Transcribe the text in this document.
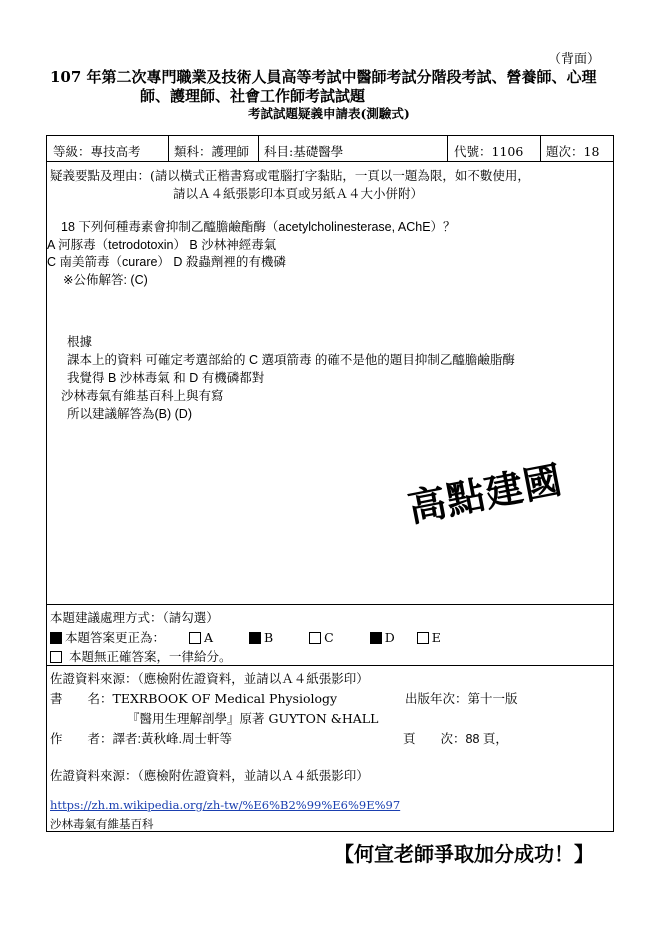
（背面）
107 年第二次專門職業及技術人員高等考試中醫師考試分階段考試、營養師、心理
師、護理師、社會工作師考試試題
考試試題疑義申請表(測驗式)
等級：專技高考	類科：護理師 科目:基礎醫學	代號：1106 題次：18
疑義要點及理由：(請以橫式正楷書寫或電腦打字黏貼，一頁以一題為限，如不數使用，
請以Ａ４紙張影印本頁或另紙Ａ４大小併附）
18 下列何種毒素會抑制乙醯膽鹼酯酶（acetylcholinesterase, AChE）？
A 河豚毒（tetrodotoxin） B 沙林神經毒氣
C 南美箭毒（curare） D 殺蟲劑裡的有機磷
※公佈解答: (C)
根據
課本上的資料 可確定考選部給的 C 選項箭毒 的確不是他的題目抑制乙醯膽鹼脂酶
我覺得 B 沙林毒氣 和 D 有機磷都對
沙林毒氣有維基百科上與有寫
所以建議解答為(B) (D)
本題建議處理方式：（請勾選）
本題答案更正為：	A	B	C	D	E
本題無正確答案，一律給分。
佐證資料來源：（應檢附佐證資料，並請以Ａ４紙張影印）
書　　名：TEXRBOOK OF Medical Physiology	出版年次：第十一版
『醫用生理解剖學』原著 GUYTON &HALL
作　　者：譯者:黃秋峰.周士軒等	頁　　次：88 頁，
佐證資料來源：（應檢附佐證資料，並請以Ａ４紙張影印）
https://zh.m.wikipedia.org/zh-tw/%E6%B2%99%E6%9E%97
沙林毒氣有維基百科
高點建國
【何宣老師爭取加分成功！】
